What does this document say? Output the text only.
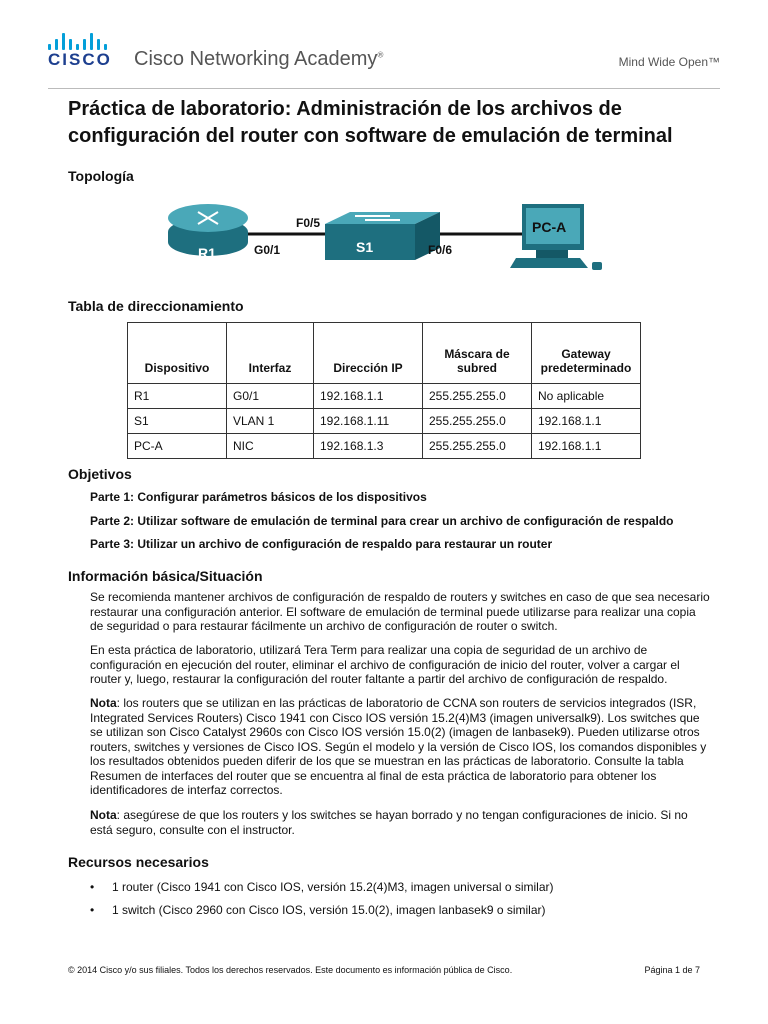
CISCO Cisco Networking Academy®
Mind Wide Open™
Práctica de laboratorio: Administración de los archivos de configuración del router con software de emulación de terminal
Topología
R1	S1
PC-A
G0/1
F0/5
F0/6
Tabla de direccionamiento
Dispositivo	Interfaz	Dirección IP	Máscara de subred	Gateway predeterminado
R1	G0/1	192.168.1.1	255.255.255.0	No aplicable
S1	VLAN 1	192.168.1.11	255.255.255.0	192.168.1.1
PC-A	NIC	192.168.1.3	255.255.255.0	192.168.1.1
Objetivos
Parte 1: Configurar parámetros básicos de los dispositivos
Parte 2: Utilizar software de emulación de terminal para crear un archivo de configuración de respaldo
Parte 3: Utilizar un archivo de configuración de respaldo para restaurar un router
Información básica/Situación
Se recomienda mantener archivos de configuración de respaldo de routers y switches en caso de que sea necesario restaurar una configuración anterior. El software de emulación de terminal puede utilizarse para realizar una copia de seguridad o para restaurar fácilmente un archivo de configuración de router o switch.
En esta práctica de laboratorio, utilizará Tera Term para realizar una copia de seguridad de un archivo de configuración en ejecución del router, eliminar el archivo de configuración de inicio del router, volver a cargar el router y, luego, restaurar la configuración del router faltante a partir del archivo de configuración de respaldo.
Nota: los routers que se utilizan en las prácticas de laboratorio de CCNA son routers de servicios integrados (ISR, Integrated Services Routers) Cisco 1941 con Cisco IOS versión 15.2(4)M3 (imagen universalk9). Los switches que se utilizan son Cisco Catalyst 2960s con Cisco IOS versión 15.0(2) (imagen de lanbasek9). Pueden utilizarse otros routers, switches y versiones de Cisco IOS. Según el modelo y la versión de Cisco IOS, los comandos disponibles y los resultados obtenidos pueden diferir de los que se muestran en las prácticas de laboratorio. Consulte la tabla Resumen de interfaces del router que se encuentra al final de esta práctica de laboratorio para obtener los identificadores de interfaz correctos.
Nota: asegúrese de que los routers y los switches se hayan borrado y no tengan configuraciones de inicio. Si no está seguro, consulte con el instructor.
Recursos necesarios
• 1 router (Cisco 1941 con Cisco IOS, versión 15.2(4)M3, imagen universal o similar)
• 1 switch (Cisco 2960 con Cisco IOS, versión 15.0(2), imagen lanbasek9 o similar)
© 2014 Cisco y/o sus filiales. Todos los derechos reservados. Este documento es información pública de Cisco.	Página 1 de 7
